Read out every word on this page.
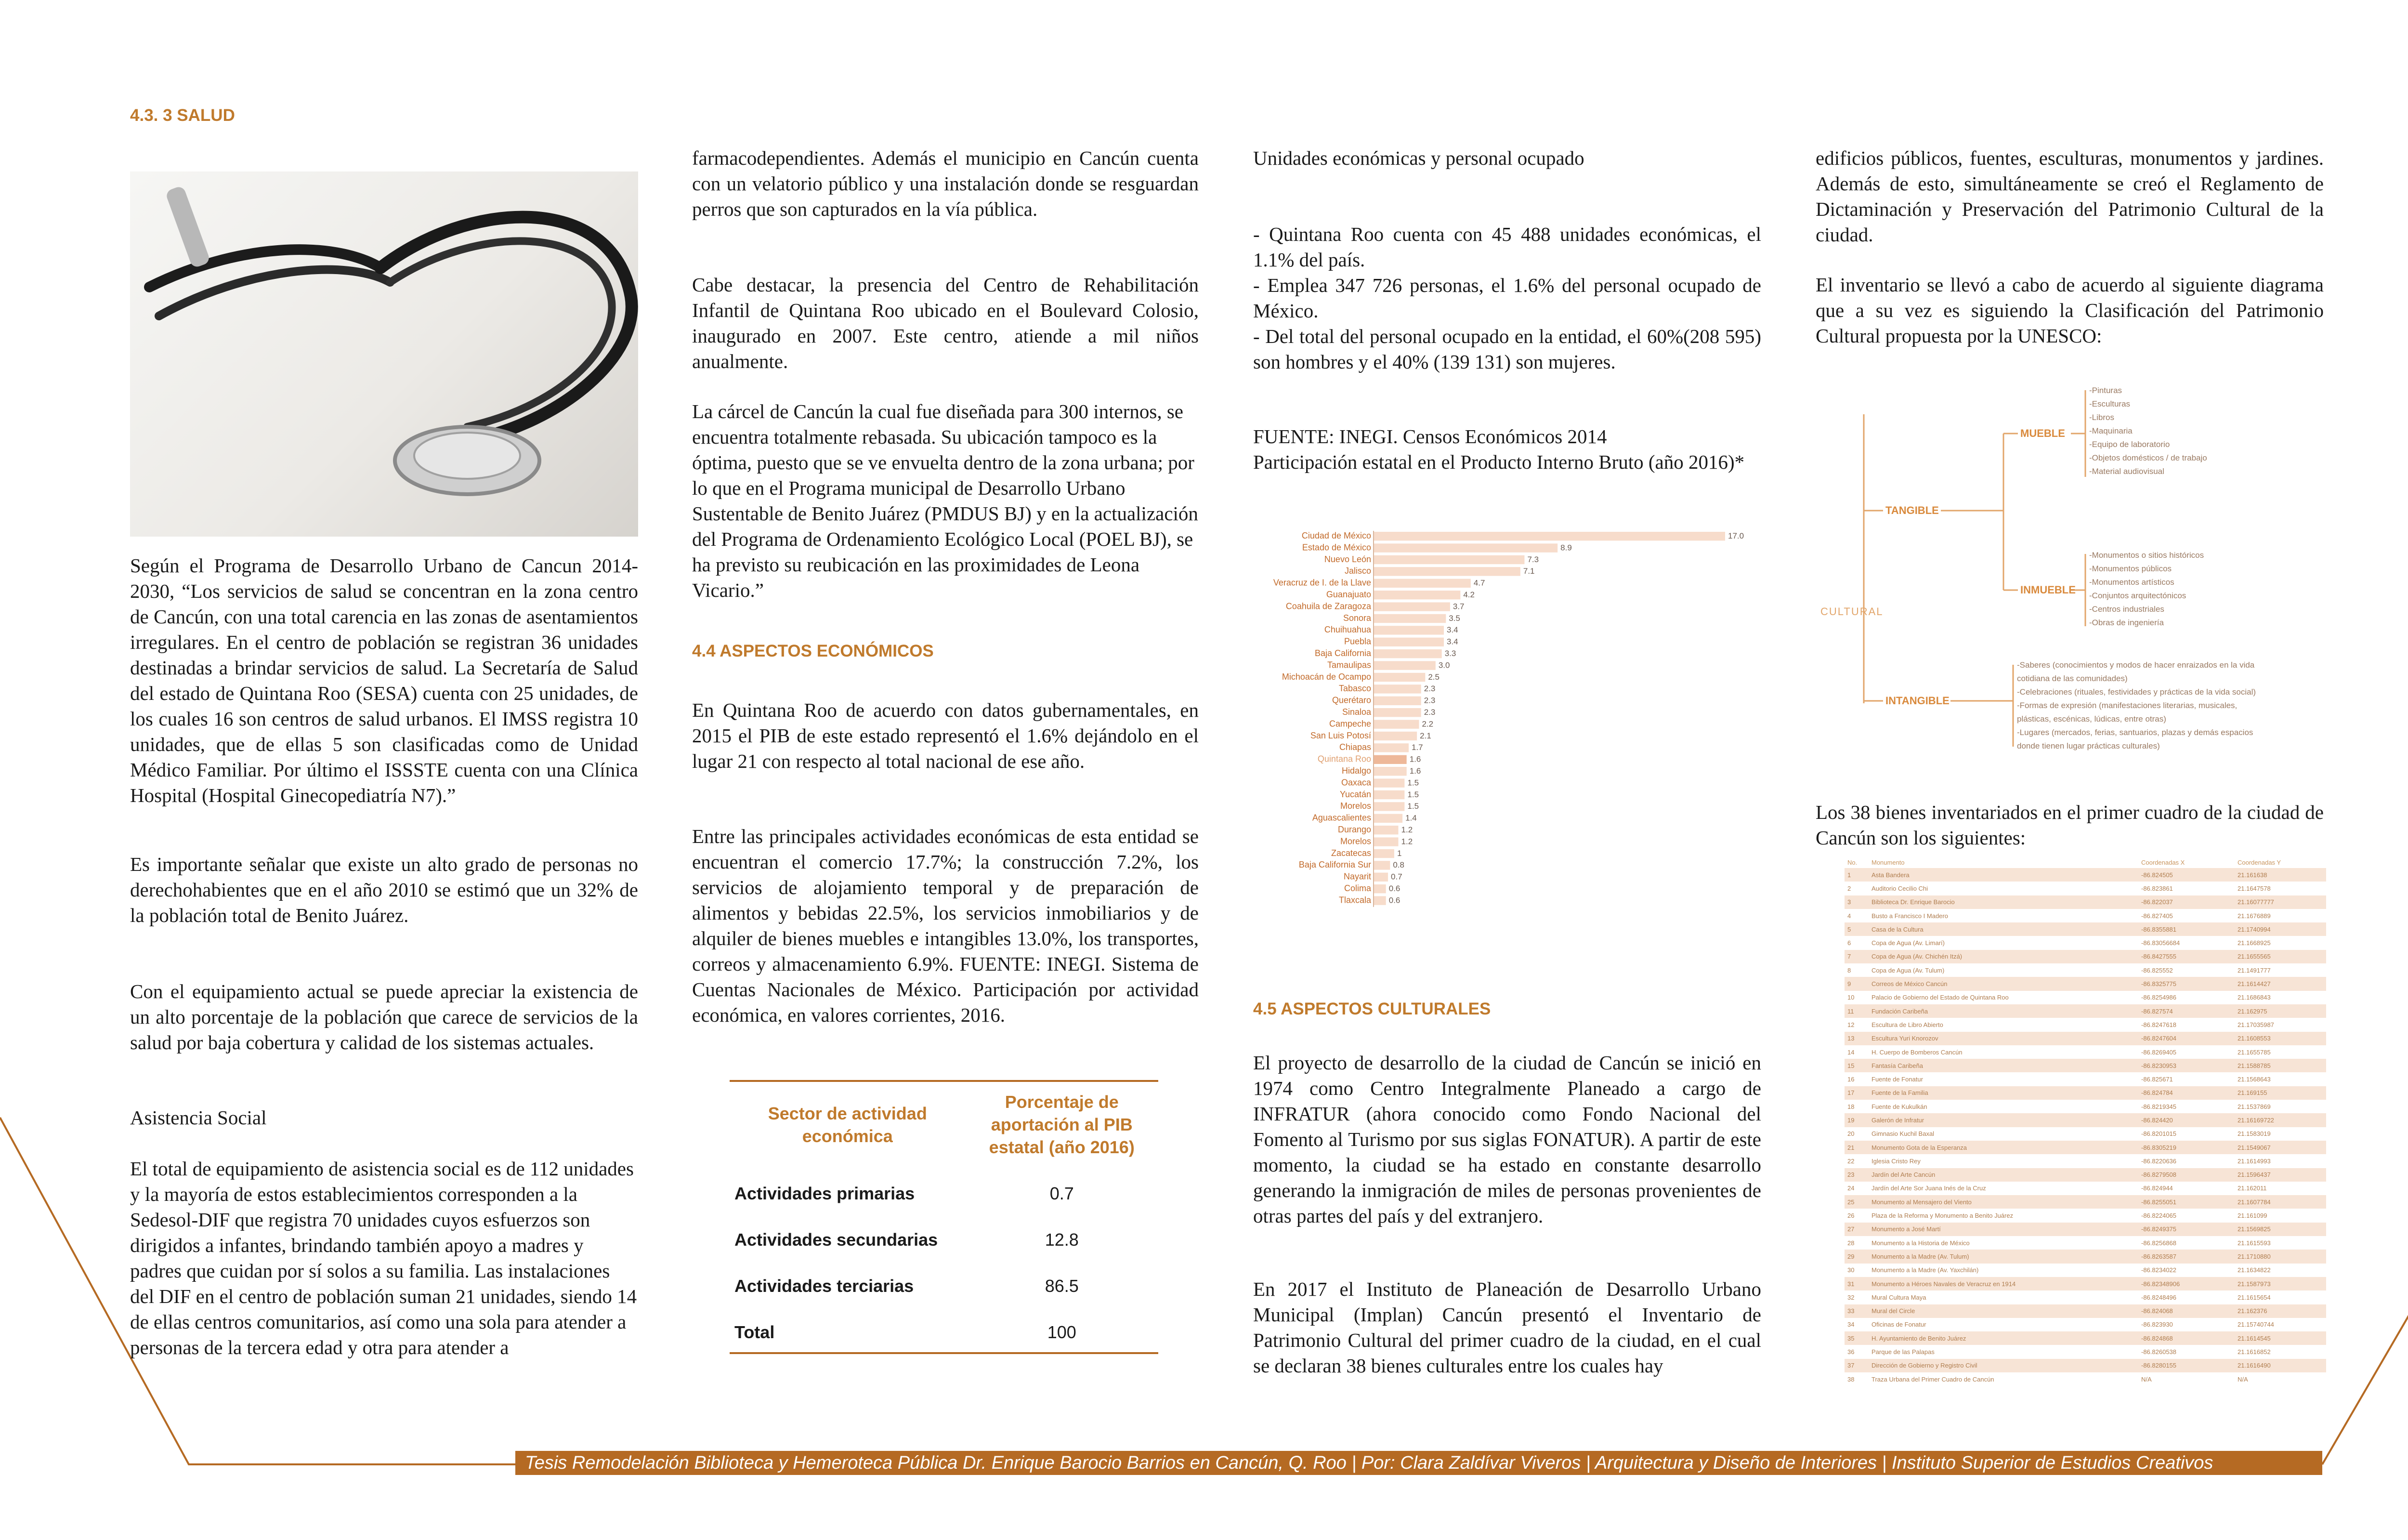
4.3. 3 SALUD
Según el Programa de Desarrollo Urbano de Cancun 2014-2030, “Los servicios de salud se concentran en la zona centro de Cancún, con una total carencia en las zonas de asentamientos irregulares. En el centro de población se registran 36 unidades destinadas a brindar servicios de salud. La Secretaría de Salud del estado de Quintana Roo (SESA) cuenta con 25 unidades, de los cuales 16 son centros de salud urbanos. El IMSS registra 10 unidades, que de ellas 5 son clasificadas como de Unidad Médico Familiar. Por último el ISSSTE cuenta con una Clínica Hospital (Hospital Ginecopediatría N7).”
Es importante señalar que existe un alto grado de personas no derechohabientes que en el año 2010 se estimó que un 32% de la población total de Benito Juárez.
Con el equipamiento actual se puede apreciar la existencia de un alto porcentaje de la población que carece de servicios de la salud por baja cobertura y calidad de los sistemas actuales.
Asistencia Social
El total de equipamiento de asistencia social es de 112 unidades y la mayoría de estos establecimientos corresponden a la Sedesol-DIF que registra 70 unidades cuyos esfuerzos son dirigidos a infantes, brindando también apoyo a madres y padres que cuidan por sí solos a su familia. Las instalaciones del DIF en el centro de población suman 21 unidades, siendo 14 de ellas centros comunitarios, así como una sola para atender a personas de la tercera edad y otra para atender a
farmacodependientes. Además el municipio en Cancún cuenta con un velatorio público y una instalación donde se resguardan perros que son capturados en la vía pública.
Cabe destacar, la presencia del Centro de Rehabilitación Infantil de Quintana Roo ubicado en el Boulevard Colosio, inaugurado en 2007. Este centro, atiende a mil niños anualmente.
La cárcel de Cancún la cual fue diseñada para 300 internos, se encuentra totalmente rebasada. Su ubicación tampoco es la óptima, puesto que se ve envuelta dentro de la zona urbana; por lo que en el Programa municipal de Desarrollo Urbano Sustentable de Benito Juárez (PMDUS BJ) y en la actualización del Programa de Ordenamiento Ecológico Local (POEL BJ), se ha previsto su reubicación en las proximidades de Leona Vicario.”
4.4 ASPECTOS ECONÓMICOS
En Quintana Roo de acuerdo con datos gubernamentales, en 2015 el PIB de este estado representó el 1.6% dejándolo en el lugar 21 con respecto al total nacional de ese año.
Entre las principales actividades económicas de esta entidad se encuentran el comercio 17.7%; la construcción 7.2%, los servicios de alojamiento temporal y de preparación de alimentos y bebidas 22.5%, los servicios inmobiliarios y de alquiler de bienes muebles e intangibles 13.0%, los transportes, correos y almacenamiento 6.9%. FUENTE: INEGI. Sistema de Cuentas Nacionales de México. Participación por actividad económica, en valores corrientes, 2016.
Sector de actividad económica	Porcentaje de aportación al PIB estatal (año 2016)
Actividades primarias	0.7
Actividades secundarias	12.8
Actividades terciarias	86.5
Total	100
Unidades económicas y personal ocupado
- Quintana Roo cuenta con 45 488 unidades económicas, el 1.1% del país.
- Emplea 347 726 personas, el 1.6% del personal ocupado de México.
- Del total del personal ocupado en la entidad, el 60%(208 595) son hombres y el 40% (139 131) son mujeres.
FUENTE: INEGI. Censos Económicos 2014
Participación estatal en el Producto Interno Bruto (año 2016)*
Ciudad de México	17.0
Estado de México	8.9
Nuevo León	7.3
Jalisco	7.1
Veracruz de I. de la Llave	4.7
Guanajuato	4.2
Coahuila de Zaragoza	3.7
Sonora	3.5
Chuihuahua	3.4
Puebla	3.4
Baja California	3.3
Tamaulipas	3.0
Michoacán de Ocampo	2.5
Tabasco	2.3
Querétaro	2.3
Sinaloa	2.3
Campeche	2.2
San Luis Potosí	2.1
Chiapas	1.7
Quintana Roo	1.6
Hidalgo	1.6
Oaxaca	1.5
Yucatán	1.5
Morelos	1.5
Aguascalientes	1.4
Durango	1.2
Morelos	1.2
Zacatecas	1
Baja California Sur	0.8
Nayarit 0.7
Colima 0.6
Tlaxcala 0.6
4.5 ASPECTOS CULTURALES
El proyecto de desarrollo de la ciudad de Cancún se inició en 1974 como Centro Integralmente Planeado a cargo de INFRATUR (ahora conocido como Fondo Nacional del Fomento al Turismo por sus siglas FONATUR). A partir de este momento, la ciudad se ha estado en constante desarrollo generando la inmigración de miles de personas provenientes de otras partes del país y del extranjero.
En 2017 el Instituto de Planeación de Desarrollo Urbano Municipal (Implan) Cancún presentó el Inventario de Patrimonio Cultural del primer cuadro de la ciudad, en el cual se declaran 38 bienes culturales entre los cuales hay
edificios públicos, fuentes, esculturas, monumentos y jardines. Además de esto, simultáneamente se creó el Reglamento de Dictaminación y Preservación del Patrimonio Cultural de la ciudad.
El inventario se llevó a cabo de acuerdo al siguiente diagrama que a su vez es siguiendo la Clasificación del Patrimonio Cultural propuesta por la UNESCO:
CULTURAL
TANGIBLE
INTANGIBLE
MUEBLE
INMUEBLE
-Pinturas
-Esculturas
-Libros
-Maquinaria
-Equipo de laboratorio
-Objetos domésticos / de trabajo
-Material audiovisual
-Monumentos o sitios históricos
-Monumentos públicos
-Monumentos artísticos
-Conjuntos arquitectónicos
-Centros industriales
-Obras de ingeniería
-Saberes (conocimientos y modos de hacer enraizados en la vida
cotidiana de las comunidades)
-Celebraciones (rituales, festividades y prácticas de la vida social)
-Formas de expresión (manifestaciones literarias, musicales,
plásticas, escénicas, lúdicas, entre otras)
-Lugares (mercados, ferias, santuarios, plazas y demás espacios
donde tienen lugar prácticas culturales)
Los 38 bienes inventariados en el primer cuadro de la ciudad de Cancún son los siguientes:
No.	Monumento	Coordenadas X	Coordenadas Y
1	Asta Bandera	-86.824505	21.161638
2	Auditorio Cecilio Chi	-86.823861	21.1647578
3	Biblioteca Dr. Enrique Barocio	-86.822037	21.16077777
4	Busto a Francisco I Madero	-86.827405	21.1676889
5	Casa de la Cultura	-86.8355881	21.1740994
6	Copa de Agua (Av. Limarí)	-86.83056684	21.1668925
7	Copa de Agua (Av. Chichén Itzá)	-86.8427555	21.1655565
8	Copa de Agua (Av. Tulum)	-86.825552	21.1491777
9	Correos de México Cancún	-86.8325775	21.1614427
10	Palacio de Gobierno del Estado de Quintana Roo	-86.8254986	21.1686843
11	Fundación Caribeña	-86.827574	21.162975
12	Escultura de Libro Abierto	-86.8247618	21.17035987
13	Escultura Yuri Knorozov	-86.8247604	21.1608553
14	H. Cuerpo de Bomberos Cancún	-86.8269405	21.1655785
15	Fantasía Caribeña	-86.8230953	21.1588785
16	Fuente de Fonatur	-86.825671	21.1568643
17	Fuente de la Familia	-86.824784	21.169155
18	Fuente de Kukulkán	-86.8219345	21.1537869
19	Galerón de Infratur	-86.824420	21.16169722
20	Gimnasio Kuchil Baxal	-86.8201015	21.1583019
21	Monumento Gota de la Esperanza	-86.8305219	21.1549067
22	Iglesia Cristo Rey	-86.8220636	21.1614993
23	Jardín del Arte Cancún	-86.8279508	21.1596437
24	Jardín del Arte Sor Juana Inés de la Cruz	-86.824944	21.162011
25	Monumento al Mensajero del Viento	-86.8255051	21.1607784
26	Plaza de la Reforma y Monumento a Benito Juárez	-86.8224065	21.161099
27	Monumento a José Martí	-86.8249375	21.1569825
28	Monumento a la Historia de México	-86.8256868	21.1615593
29	Monumento a la Madre (Av. Tulum)	-86.8263587	21.1710880
30	Monumento a la Madre (Av. Yaxchilán)	-86.8234022	21.1634822
31	Monumento a Héroes Navales de Veracruz en 1914	-86.82348906	21.1587973
32	Mural Cultura Maya	-86.8248496	21.1615654
33	Mural del Circle	-86.824068	21.162376
34	Oficinas de Fonatur	-86.823930	21.15740744
35	H. Ayuntamiento de Benito Juárez	-86.824868	21.1614545
36	Parque de las Palapas	-86.8260538	21.1616852
37	Dirección de Gobierno y Registro Civil	-86.8280155	21.1616490
38	Traza Urbana del Primer Cuadro de Cancún	N/A	N/A
Tesis Remodelación Biblioteca y Hemeroteca Pública Dr. Enrique Barocio Barrios en Cancún, Q. Roo | Por: Clara Zaldívar Viveros | Arquitectura y Diseño de Interiores | Instituto Superior de Estudios Creativos
